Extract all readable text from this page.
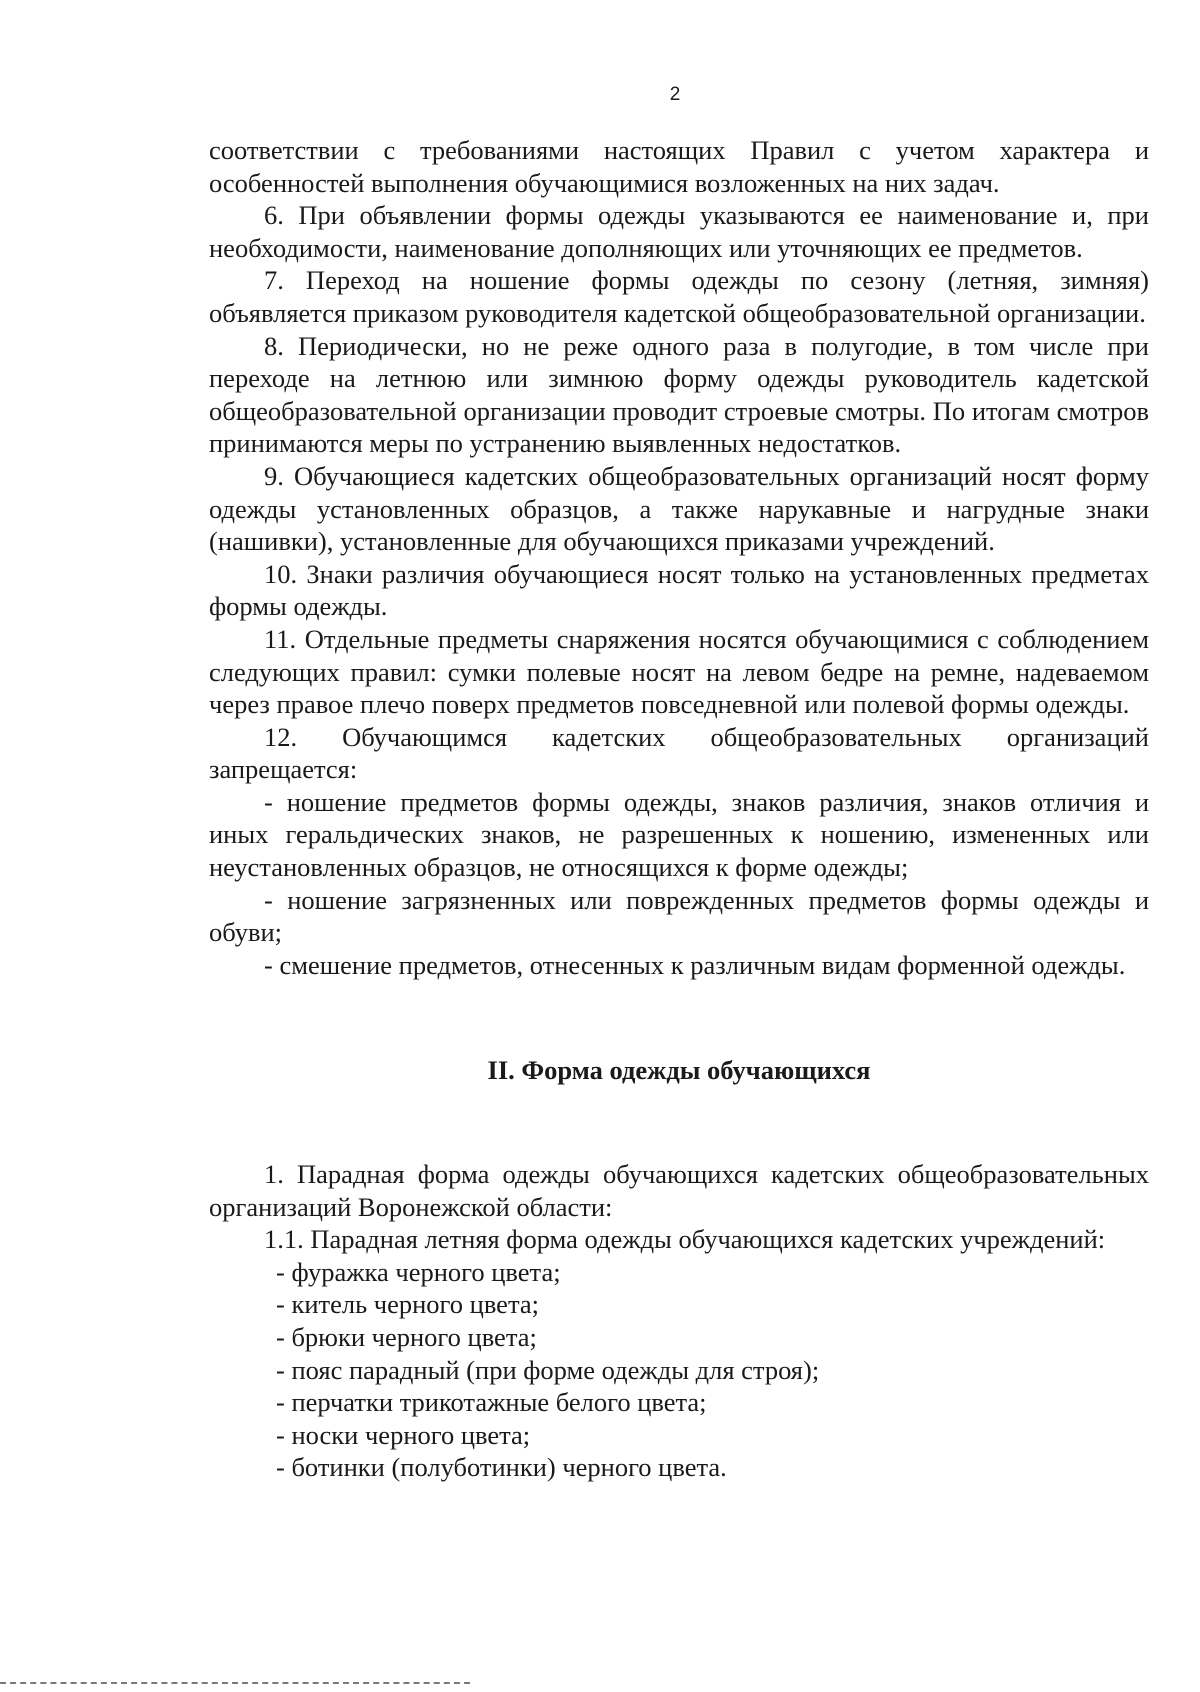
2

соответствии с требованиями настоящих Правил с учетом характера и особенностей выполнения обучающимися возложенных на них задач.

6. При объявлении формы одежды указываются ее наименование и, при необходимости, наименование дополняющих или уточняющих ее предметов.

7. Переход на ношение формы одежды по сезону (летняя, зимняя) объявляется приказом руководителя кадетской общеобразовательной организации.

8. Периодически, но не реже одного раза в полугодие, в том числе при переходе на летнюю или зимнюю форму одежды руководитель кадетской общеобразовательной организации проводит строевые смотры. По итогам смотров принимаются меры по устранению выявленных недостатков.

9. Обучающиеся кадетских общеобразовательных организаций носят форму одежды установленных образцов, а также нарукавные и нагрудные знаки (нашивки), установленные для обучающихся приказами учреждений.

10. Знаки различия обучающиеся носят только на установленных предметах формы одежды.

11. Отдельные предметы снаряжения носятся обучающимися с соблюдением следующих правил: сумки полевые носят на левом бедре на ремне, надеваемом через правое плечо поверх предметов повседневной или полевой формы одежды.

12. Обучающимся кадетских общеобразовательных организаций запрещается:

- ношение предметов формы одежды, знаков различия, знаков отличия и иных геральдических знаков, не разрешенных к ношению, измененных или неустановленных образцов, не относящихся к форме одежды;

- ношение загрязненных или поврежденных предметов формы одежды и обуви;

- смешение предметов, отнесенных к различным видам форменной одежды.

II. Форма одежды обучающихся

1. Парадная форма одежды обучающихся кадетских общеобразовательных организаций Воронежской области:

1.1. Парадная летняя форма одежды обучающихся кадетских учреждений:

- фуражка черного цвета;

- китель черного цвета;

- брюки черного цвета;

- пояс парадный (при форме одежды для строя);

- перчатки трикотажные белого цвета;

- носки черного цвета;

- ботинки (полуботинки) черного цвета.
